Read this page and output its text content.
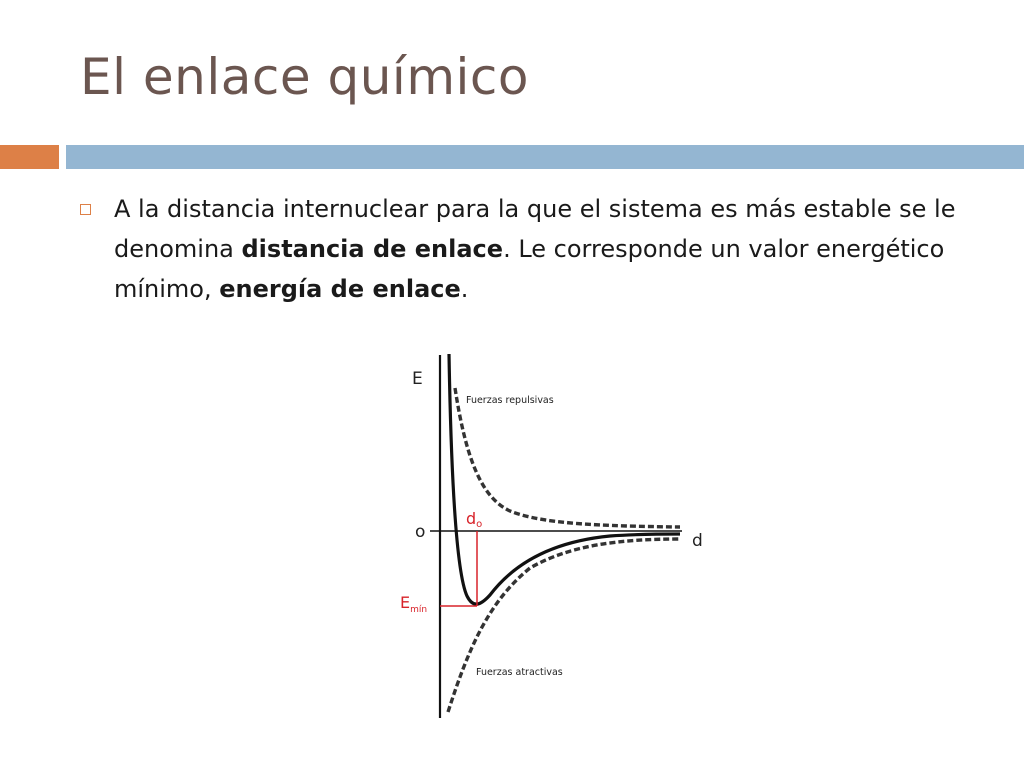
El enlace químico

A la distancia internuclear para la que el sistema es más estable se le denomina distancia de enlace. Le corresponde un valor energético mínimo, energía de enlace.

E
d
o
do
$E_{mín}$
Fuerzas repulsivas
Fuerzas atractivas
